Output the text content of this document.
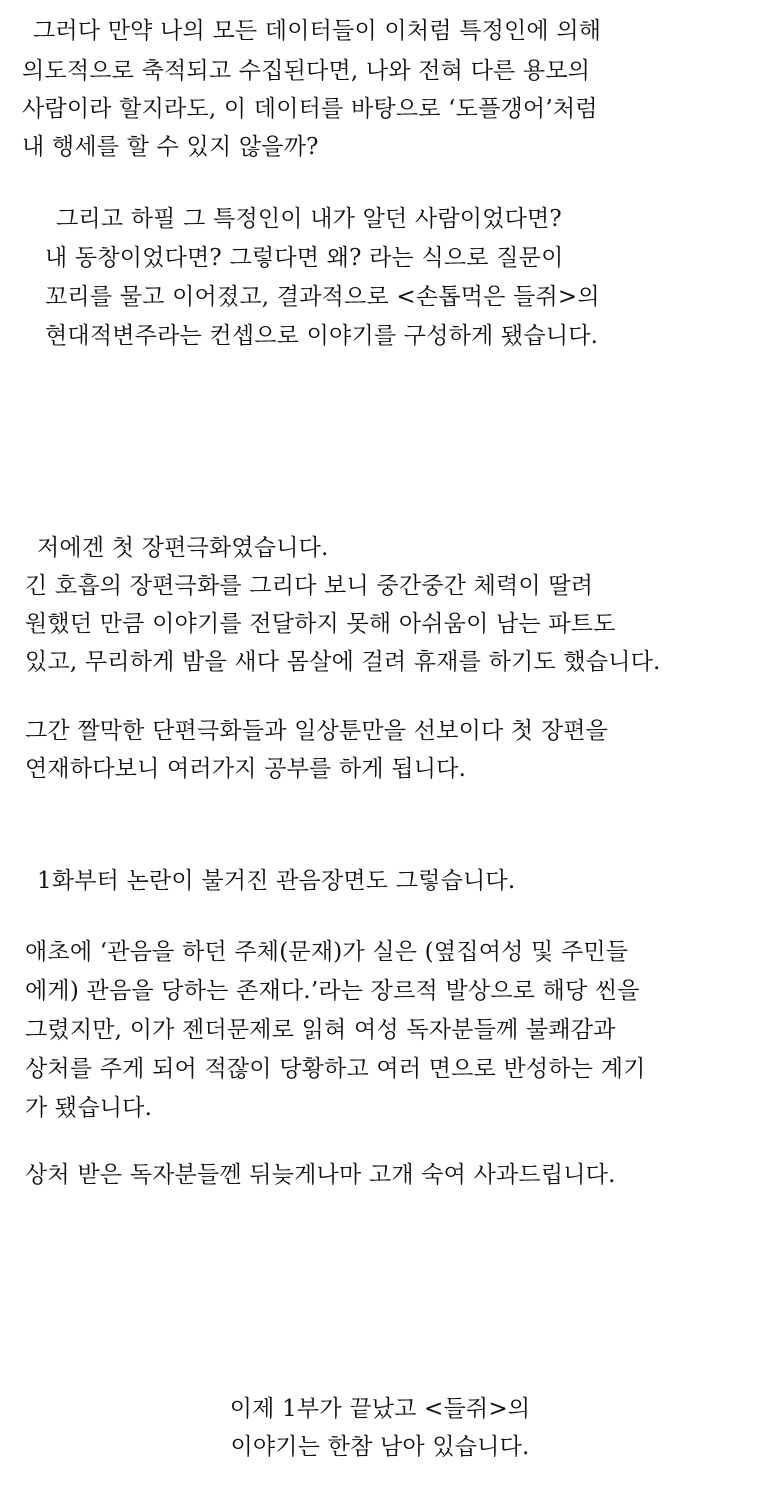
그러다 만약 나의 모든 데이터들이 이처럼 특정인에 의해

의도적으로 축적되고 수집된다면, 나와 전혀 다른 용모의

사람이라 할지라도, 이 데이터를 바탕으로 ‘도플갱어’처럼

내 행세를 할 수 있지 않을까?

그리고 하필 그 특정인이 내가 알던 사람이었다면?

내 동창이었다면? 그렇다면 왜? 라는 식으로 질문이

꼬리를 물고 이어졌고, 결과적으로 <손톱먹은 들쥐>의

현대적변주라는 컨셉으로 이야기를 구성하게 됐습니다.

저에겐 첫 장편극화였습니다.

긴 호흡의 장편극화를 그리다 보니 중간중간 체력이 딸려

원했던 만큼 이야기를 전달하지 못해 아쉬움이 남는 파트도

있고, 무리하게 밤을 새다 몸살에 걸려 휴재를 하기도 했습니다.

그간 짤막한 단편극화들과 일상툰만을 선보이다 첫 장편을

연재하다보니 여러가지 공부를 하게 됩니다.

1화부터 논란이 불거진 관음장면도 그렇습니다.

애초에 ‘관음을 하던 주체(문재)가 실은 (옆집여성 및 주민들

에게) 관음을 당하는 존재다.’라는 장르적 발상으로 해당 씬을

그렸지만, 이가 젠더문제로 읽혀 여성 독자분들께 불쾌감과

상처를 주게 되어 적잖이 당황하고 여러 면으로 반성하는 계기

가 됐습니다.

상처 받은 독자분들껜 뒤늦게나마 고개 숙여 사과드립니다.

이제 1부가 끝났고 <들쥐>의

이야기는 한참 남아 있습니다.
